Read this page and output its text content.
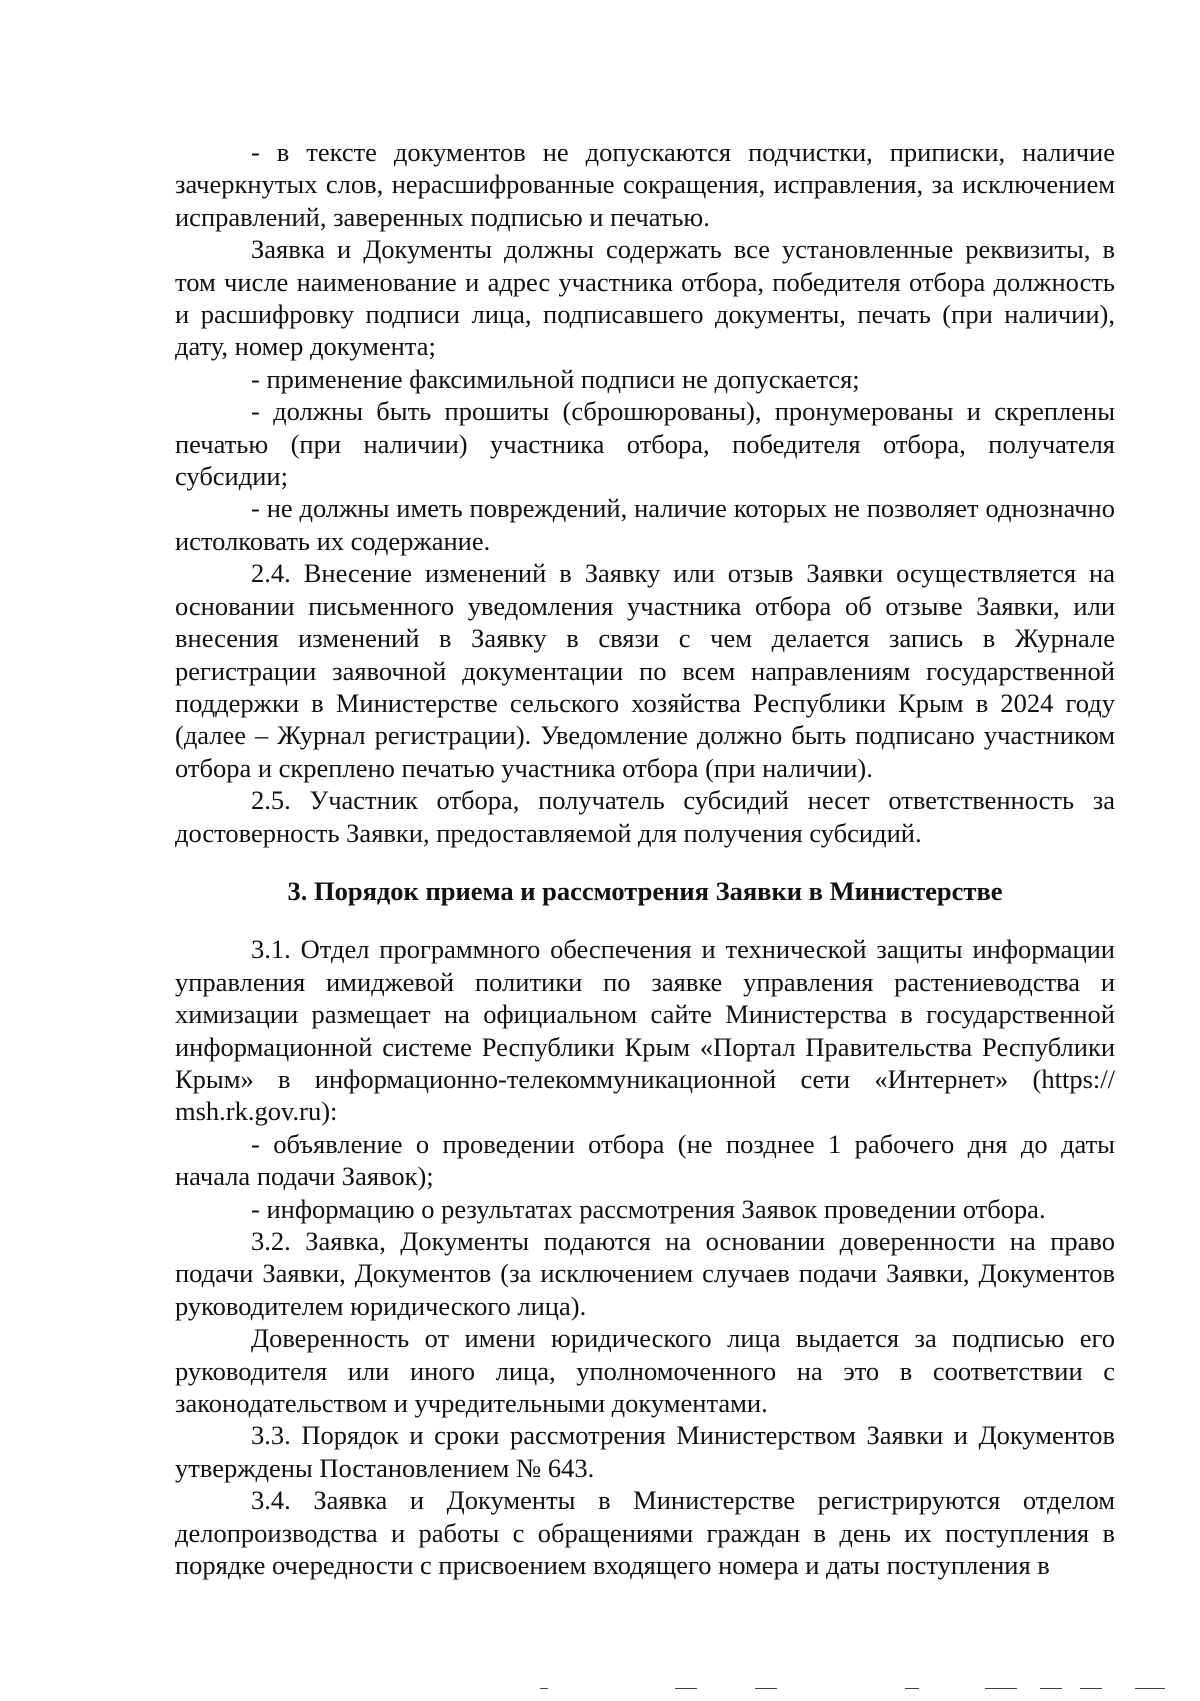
- в тексте документов не допускаются подчистки, приписки, наличие зачеркнутых слов, нерасшифрованные сокращения, исправления, за исключением исправлений, заверенных подписью и печатью.

Заявка и Документы должны содержать все установленные реквизиты, в том числе наименование и адрес участника отбора, победителя отбора должность и расшифровку подписи лица, подписавшего документы, печать (при наличии), дату, номер документа;

- применение факсимильной подписи не допускается;

- должны быть прошиты (сброшюрованы), пронумерованы и скреплены печатью (при наличии) участника отбора, победителя отбора, получателя субсидии;

- не должны иметь повреждений, наличие которых не позволяет однозначно истолковать их содержание.

2.4. Внесение изменений в Заявку или отзыв Заявки осуществляется на основании письменного уведомления участника отбора об отзыве Заявки, или внесения изменений в Заявку в связи с чем делается запись в Журнале регистрации заявочной документации по всем направлениям государственной поддержки в Министерстве сельского хозяйства Республики Крым в 2024 году (далее – Журнал регистрации). Уведомление должно быть подписано участником отбора и скреплено печатью участника отбора (при наличии).

2.5. Участник отбора, получатель субсидий несет ответственность за достоверность Заявки, предоставляемой для получения субсидий.

3. Порядок приема и рассмотрения Заявки в Министерстве

3.1. Отдел программного обеспечения и технической защиты информации управления имиджевой политики по заявке управления растениеводства и химизации размещает на официальном сайте Министерства в государственной информационной системе Республики Крым «Портал Правительства Республики Крым» в информационно-телекоммуникационной сети «Интернет» (https:// msh.rk.gov.ru):

- объявление о проведении отбора (не позднее 1 рабочего дня до даты начала подачи Заявок);

- информацию о результатах рассмотрения Заявок проведении отбора.

3.2. Заявка, Документы подаются на основании доверенности на право подачи Заявки, Документов (за исключением случаев подачи Заявки, Документов руководителем юридического лица).

Доверенность от имени юридического лица выдается за подписью его руководителя или иного лица, уполномоченного на это в соответствии с законодательством и учредительными документами.

3.3. Порядок и сроки рассмотрения Министерством Заявки и Документов утверждены Постановлением № 643.

3.4. Заявка и Документы в Министерстве регистрируются отделом делопроизводства и работы с обращениями граждан в день их поступления в порядке очередности с присвоением входящего номера и даты поступления в
